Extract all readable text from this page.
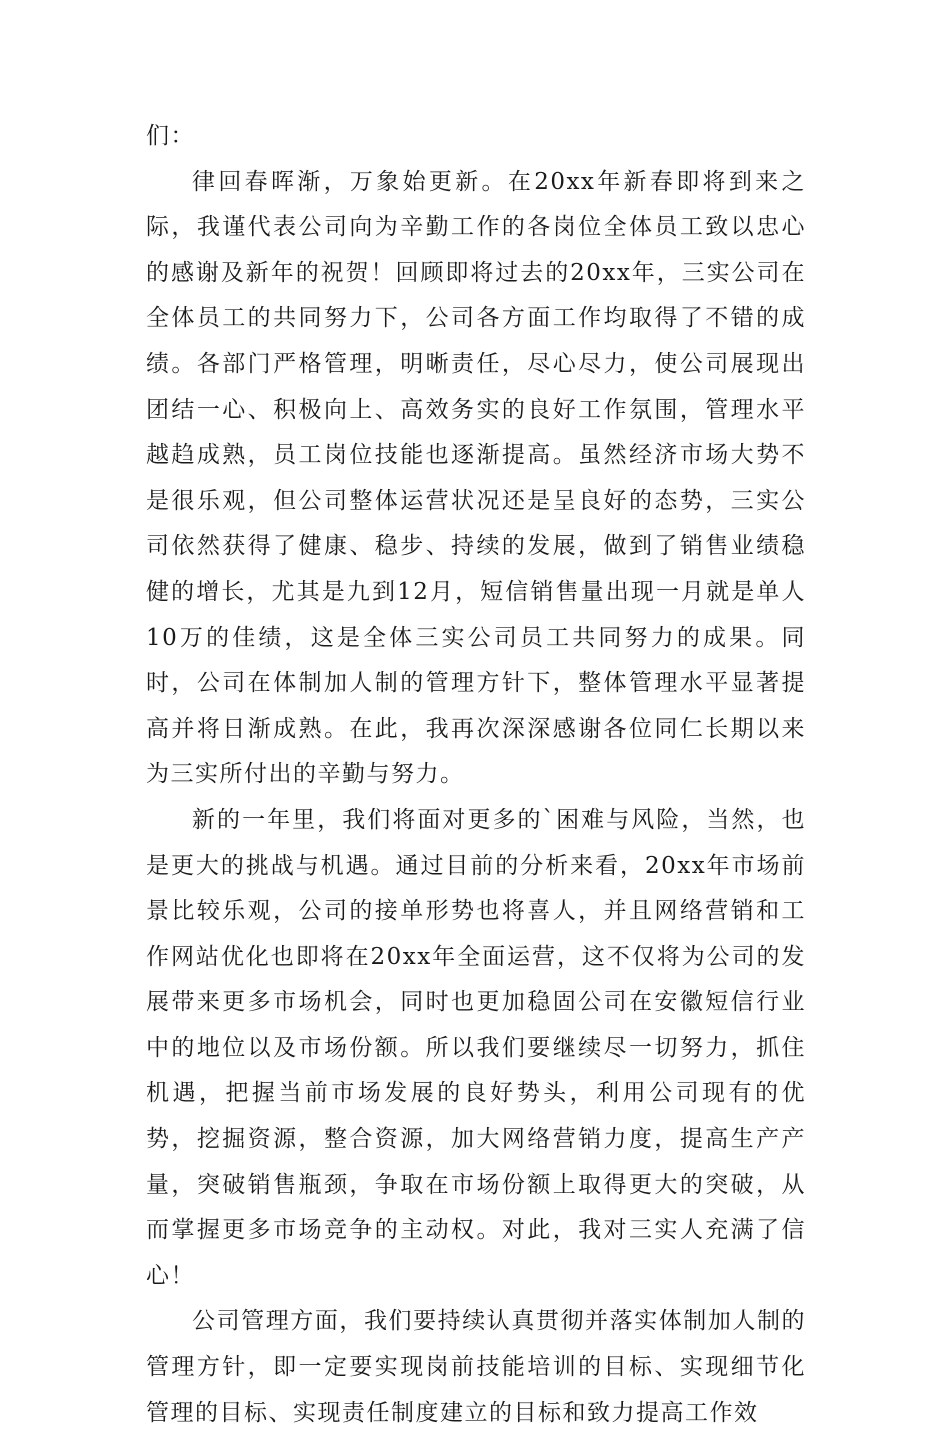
们：

律回春晖渐，万象始更新。在20xx年新春即将到来之际，我谨代表公司向为辛勤工作的各岗位全体员工致以忠心的感谢及新年的祝贺！回顾即将过去的20xx年，三实公司在全体员工的共同努力下，公司各方面工作均取得了不错的成绩。各部门严格管理，明晰责任，尽心尽力，使公司展现出团结一心、积极向上、高效务实的良好工作氛围，管理水平越趋成熟，员工岗位技能也逐渐提高。虽然经济市场大势不是很乐观，但公司整体运营状况还是呈良好的态势，三实公司依然获得了健康、稳步、持续的发展，做到了销售业绩稳健的增长，尤其是九到12月，短信销售量出现一月就是单人10万的佳绩，这是全体三实公司员工共同努力的成果。同时，公司在体制加人制的管理方针下，整体管理水平显著提高并将日渐成熟。在此，我再次深深感谢各位同仁长期以来为三实所付出的辛勤与努力。

新的一年里，我们将面对更多的`困难与风险，当然，也是更大的挑战与机遇。通过目前的分析来看，20xx年市场前景比较乐观，公司的接单形势也将喜人，并且网络营销和工作网站优化也即将在20xx年全面运营，这不仅将为公司的发展带来更多市场机会，同时也更加稳固公司在安徽短信行业中的地位以及市场份额。所以我们要继续尽一切努力，抓住机遇，把握当前市场发展的良好势头，利用公司现有的优势，挖掘资源，整合资源，加大网络营销力度，提高生产产量，突破销售瓶颈，争取在市场份额上取得更大的突破，从而掌握更多市场竞争的主动权。对此，我对三实人充满了信心！

公司管理方面，我们要持续认真贯彻并落实体制加人制的管理方针，即一定要实现岗前技能培训的目标、实现细节化管理的目标、实现责任制度建立的目标和致力提高工作效
